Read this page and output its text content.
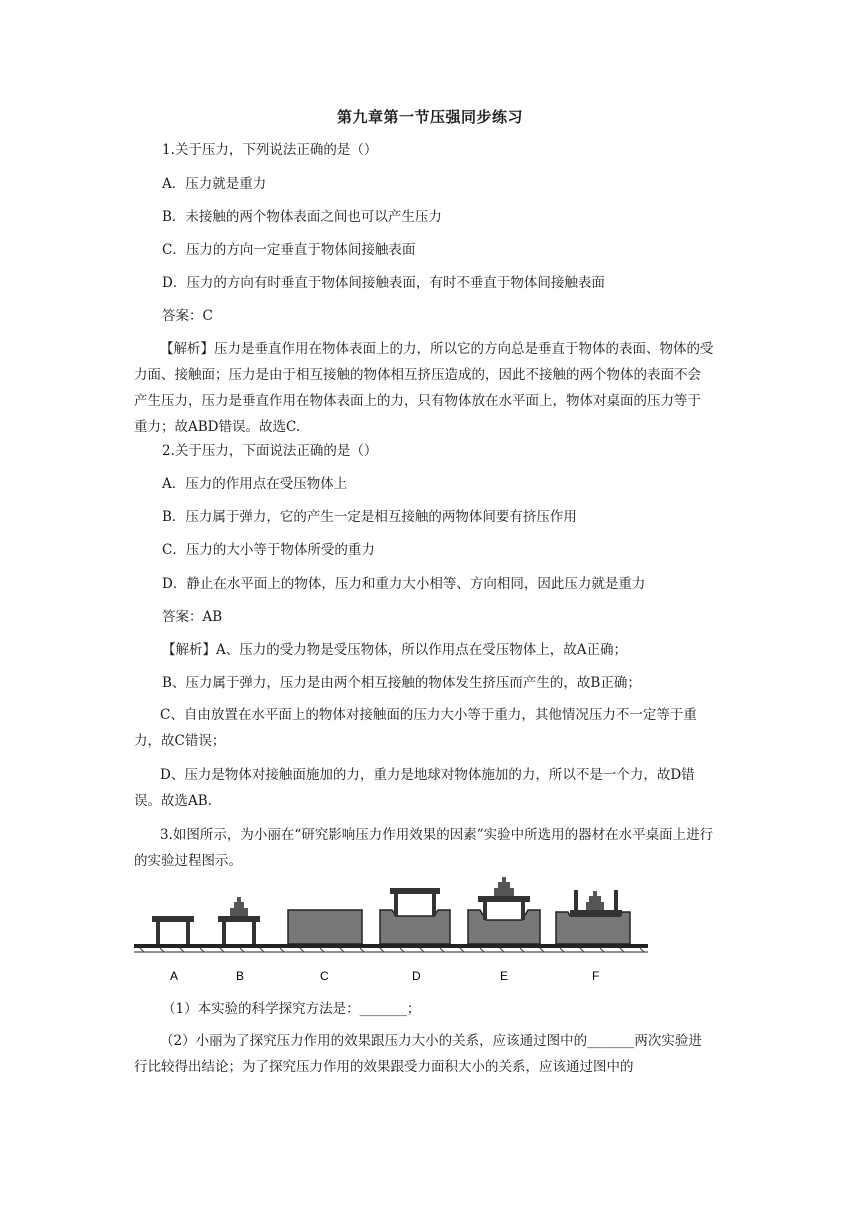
第九章第一节压强同步练习
1.关于压力，下列说法正确的是（）
A．压力就是重力
B．未接触的两个物体表面之间也可以产生压力
C．压力的方向一定垂直于物体间接触表面
D．压力的方向有时垂直于物体间接触表面，有时不垂直于物体间接触表面
答案：C
【解析】压力是垂直作用在物体表面上的力，所以它的方向总是垂直于物体的表面、物体的受力面、接触面；压力是由于相互接触的物体相互挤压造成的，因此不接触的两个物体的表面不会产生压力，压力是垂直作用在物体表面上的力，只有物体放在水平面上，物体对桌面的压力等于重力；故ABD错误。故选C.
2.关于压力，下面说法正确的是（）
A．压力的作用点在受压物体上
B．压力属于弹力，它的产生一定是相互接触的两物体间要有挤压作用
C．压力的大小等于物体所受的重力
D．静止在水平面上的物体，压力和重力大小相等、方向相同，因此压力就是重力
答案：AB
【解析】A、压力的受力物是受压物体，所以作用点在受压物体上，故A正确；
B、压力属于弹力，压力是由两个相互接触的物体发生挤压而产生的，故B正确；
C、自由放置在水平面上的物体对接触面的压力大小等于重力，其他情况压力不一定等于重力，故C错误；
D、压力是物体对接触面施加的力，重力是地球对物体施加的力，所以不是一个力，故D错误。故选AB.
3.如图所示，为小丽在“研究影响压力作用效果的因素”实验中所选用的器材在水平桌面上进行的实验过程图示。
A	B	C	D	E	F
（1）本实验的科学探究方法是：_______；
（2）小丽为了探究压力作用的效果跟压力大小的关系，应该通过图中的_______两次实验进行比较得出结论；为了探究压力作用的效果跟受力面积大小的关系，应该通过图中的
